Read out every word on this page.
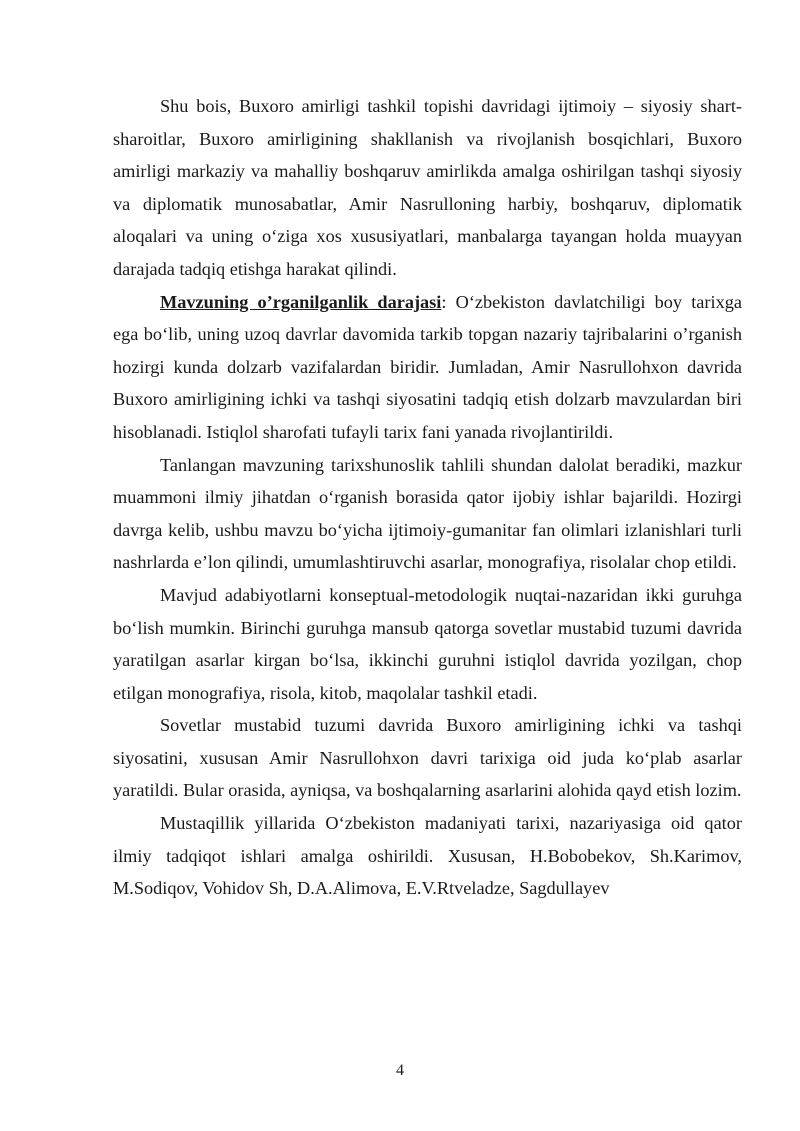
Shu bois, Buxoro amirligi tashkil topishi davridagi ijtimoiy – siyosiy shart-sharoitlar, Buxoro amirligining shakllanish va rivojlanish bosqichlari, Buxoro amirligi markaziy va mahalliy boshqaruv amirlikda amalga oshirilgan tashqi siyosiy va diplomatik munosabatlar, Amir Nasrulloning harbiy, boshqaruv, diplomatik aloqalari va uning o‘ziga xos xususiyatlari, manbalarga tayangan holda muayyan darajada tadqiq etishga harakat qilindi.

Mavzuning o’rganilganlik darajasi: O‘zbekiston davlatchiligi boy tarixga ega bo‘lib, uning uzoq davrlar davomida tarkib topgan nazariy tajribalarini o’rganish hozirgi kunda dolzarb vazifalardan biridir. Jumladan, Amir Nasrullohxon davrida Buxoro amirligining ichki va tashqi siyosatini tadqiq etish dolzarb mavzulardan biri hisoblanadi. Istiqlol sharofati tufayli tarix fani yanada rivojlantirildi.

Tanlangan mavzuning tarixshunoslik tahlili shundan dalolat beradiki, mazkur muammoni ilmiy jihatdan o‘rganish borasida qator ijobiy ishlar bajarildi. Hozirgi davrga kelib, ushbu mavzu bo‘yicha ijtimoiy-gumanitar fan olimlari izlanishlari turli nashrlarda e’lon qilindi, umumlashtiruvchi asarlar, monografiya, risolalar chop etildi.

Mavjud adabiyotlarni konseptual-metodologik nuqtai-nazaridan ikki guruhga bo‘lish mumkin. Birinchi guruhga mansub qatorga sovetlar mustabid tuzumi davrida yaratilgan asarlar kirgan bo‘lsa, ikkinchi guruhni istiqlol davrida yozilgan, chop etilgan monografiya, risola, kitob, maqolalar tashkil etadi.

Sovetlar mustabid tuzumi davrida Buxoro amirligining ichki va tashqi siyosatini, xususan Amir Nasrullohxon davri tarixiga oid juda ko‘plab asarlar yaratildi. Bular orasida, ayniqsa, va boshqalarning asarlarini alohida qayd etish lozim.

Mustaqillik yillarida O‘zbekiston madaniyati tarixi, nazariyasiga oid qator ilmiy tadqiqot ishlari amalga oshirildi. Xususan, H.Bobobekov, Sh.Karimov, M.Sodiqov, Vohidov Sh, D.A.Alimova, E.V.Rtveladze, Sagdullayev

4
